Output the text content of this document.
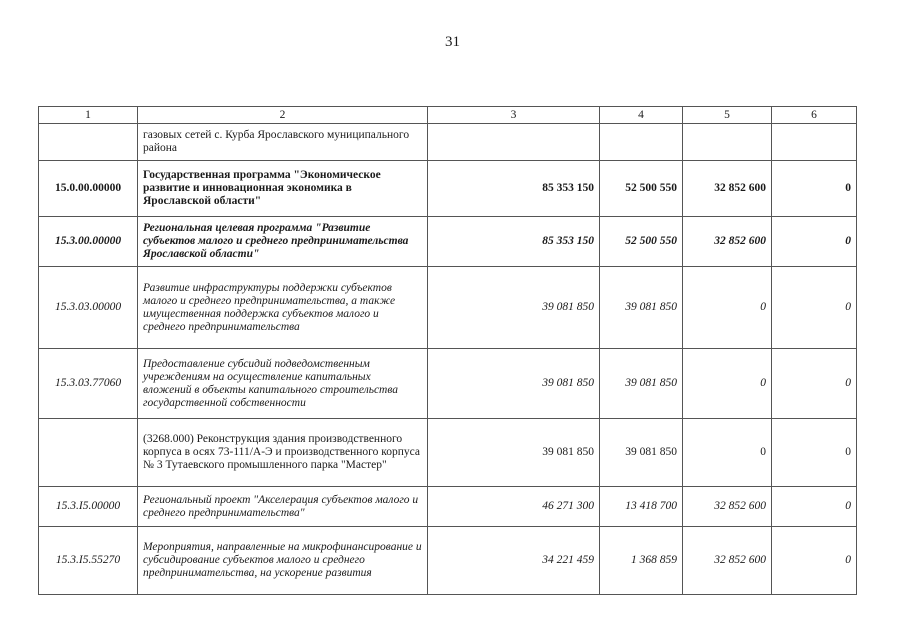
31
1	2	3	4	5	6
	газовых сетей с. Курба Ярославского муниципального района				
15.0.00.00000	Государственная программа "Экономическое развитие и инновационная экономика в Ярославской области"	85 353 150	52 500 550	32 852 600	0
15.3.00.00000	Региональная целевая программа "Развитие субъектов малого и среднего предпринимательства Ярославской области"	85 353 150	52 500 550	32 852 600	0
15.3.03.00000	Развитие инфраструктуры поддержки субъектов малого и среднего предпринимательства, а также имущественная поддержка субъектов малого и среднего предпринимательства	39 081 850	39 081 850	0	0
15.3.03.77060	Предоставление субсидий подведомственным учреждениям на осуществление капитальных вложений в объекты капитального строительства государственной собственности	39 081 850	39 081 850	0	0
	(3268.000) Реконструкция здания производственного корпуса в осях 73-111/А-Э и производственного корпуса № 3 Тутаевского промышленного парка "Мастер"	39 081 850	39 081 850	0	0
15.3.I5.00000	Региональный проект "Акселерация субъектов малого и среднего предпринимательства"	46 271 300	13 418 700	32 852 600	0
15.3.I5.55270	Мероприятия, направленные на микрофинансирование и субсидирование субъектов малого и среднего предпринимательства, на ускорение развития	34 221 459	1 368 859	32 852 600	0
